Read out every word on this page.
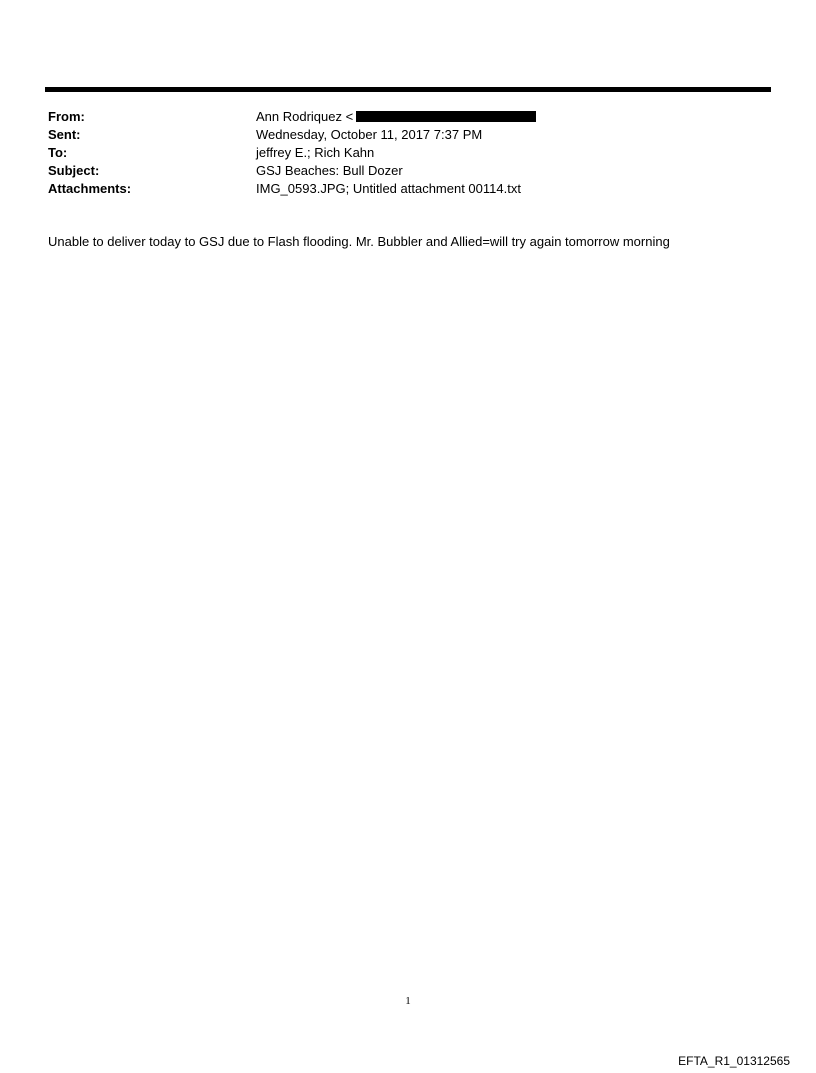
From:	Ann Rodriquez <
Sent:	Wednesday, October 11, 2017 7:37 PM
To:	jeffrey E.; Rich Kahn
Subject:	GSJ Beaches: Bull Dozer
Attachments:	IMG_0593.JPG; Untitled attachment 00114.txt
Unable to deliver today to GSJ due to Flash flooding. Mr. Bubbler and Allied=will try again tomorrow morning
1
EFTA_R1_01312565
